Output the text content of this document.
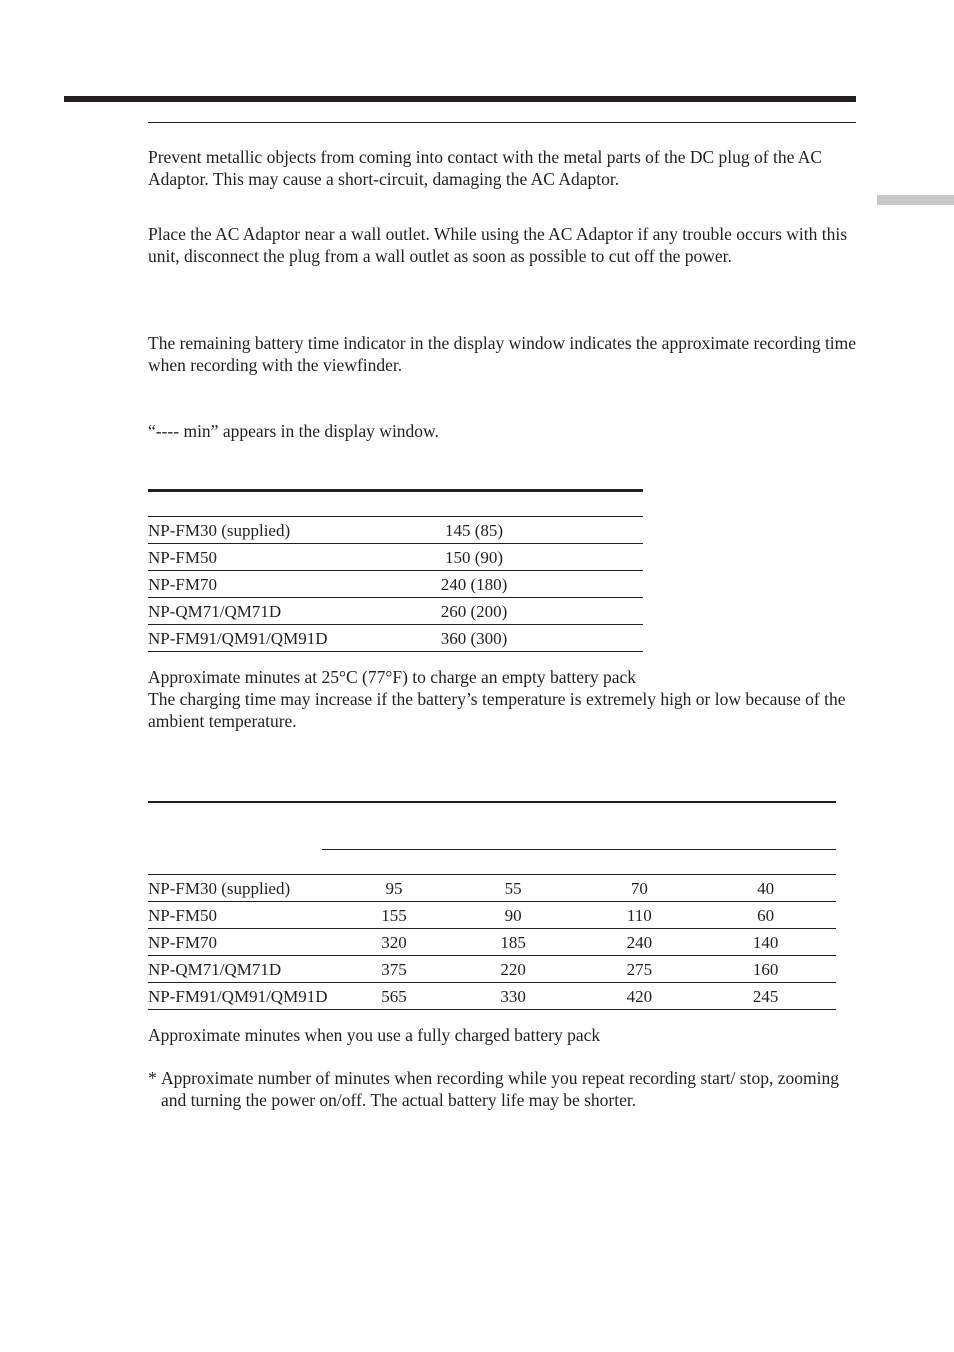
Prevent metallic objects from coming into contact with the metal parts of the DC plug of the AC Adaptor. This may cause a short-circuit, damaging the AC Adaptor.
Place the AC Adaptor near a wall outlet. While using the AC Adaptor if any trouble occurs with this unit, disconnect the plug from a wall outlet as soon as possible to cut off the power.
The remaining battery time indicator in the display window indicates the approximate recording time when recording with the viewfinder.
“---- min” appears in the display window.
NP-FM30 (supplied)	145 (85)	
NP-FM50	150 (90)	
NP-FM70	240 (180)	
NP-QM71/QM71D	260 (200)	
NP-FM91/QM91/QM91D	360 (300)	
Approximate minutes at 25°C (77°F) to charge an empty battery pack
The charging time may increase if the battery’s temperature is extremely high or low because of the ambient temperature.
NP-FM30 (supplied)	95	55	70	40
NP-FM50	155	90	110	60
NP-FM70	320	185	240	140
NP-QM71/QM71D	375	220	275	160
NP-FM91/QM91/QM91D	565	330	420	245
Approximate minutes when you use a fully charged battery pack
* Approximate number of minutes when recording while you repeat recording start/ stop, zooming and turning the power on/off. The actual battery life may be shorter.
